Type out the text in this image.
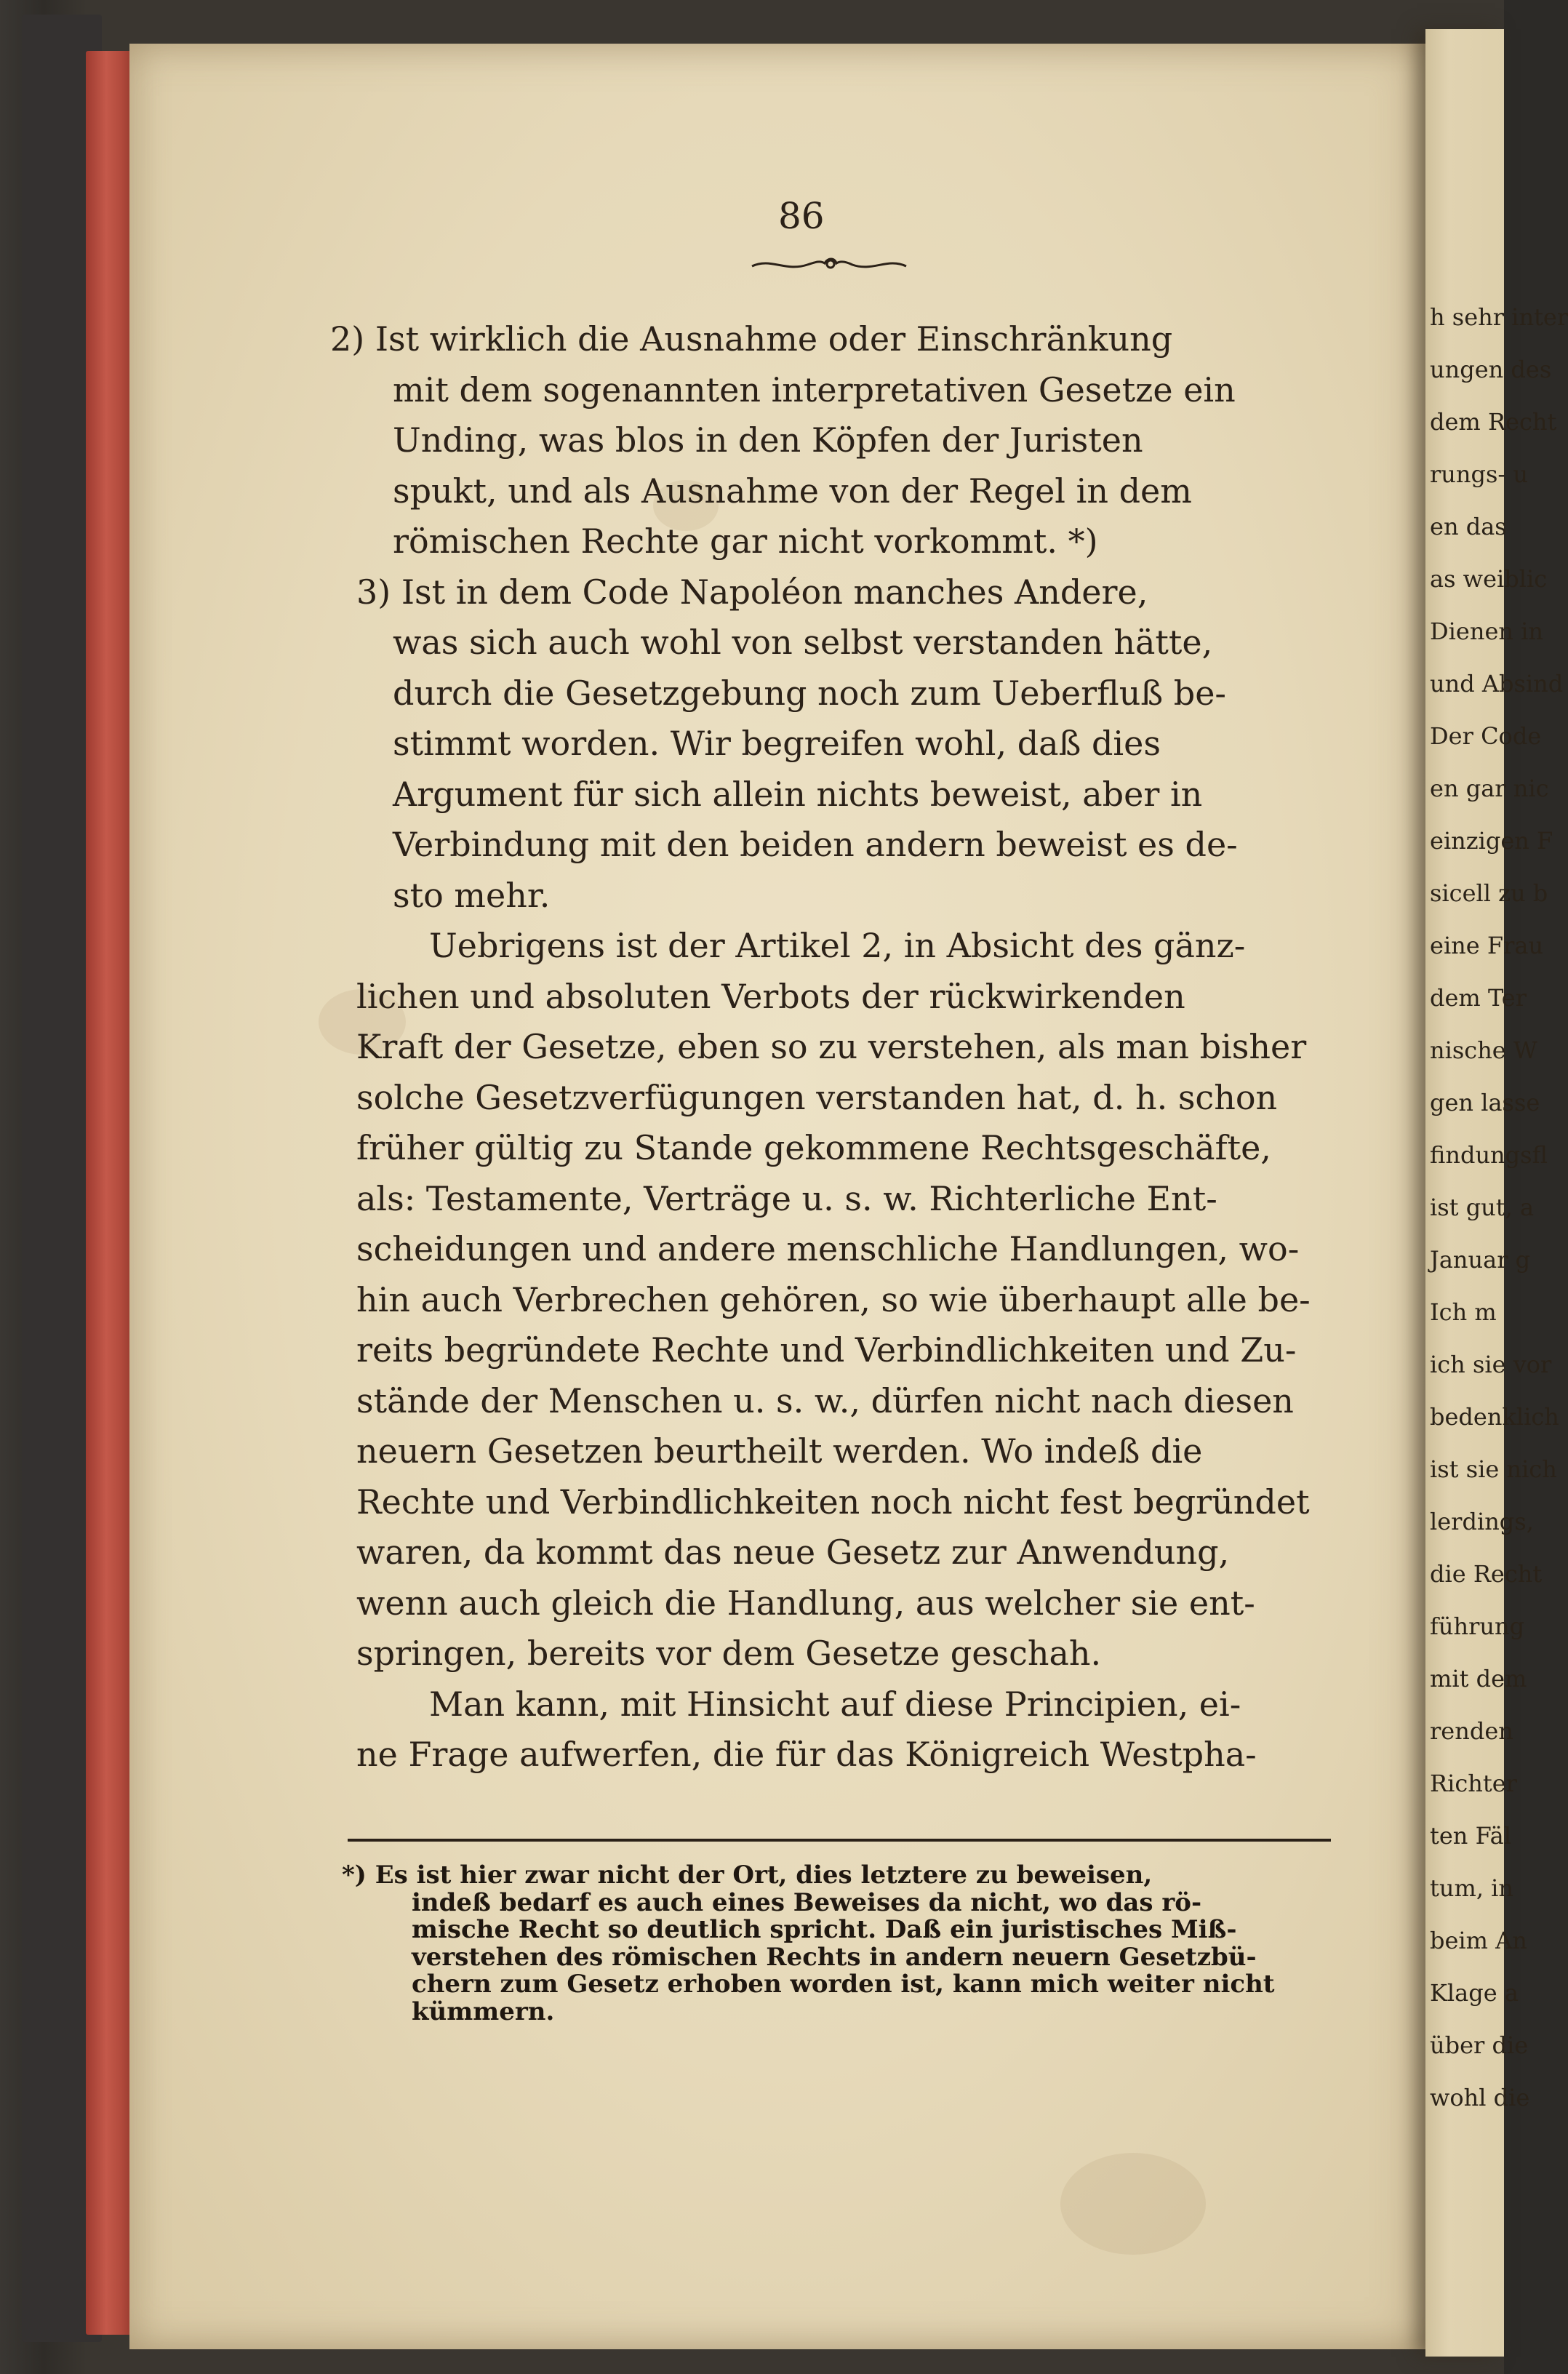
86
2) Ist wirklich die Ausnahme oder Einschränkung
mit dem sogenannten interpretativen Gesetze ein
Unding, was blos in den Köpfen der Juristen
spukt, und als Ausnahme von der Regel in dem
römischen Rechte gar nicht vorkommt. *)
3) Ist in dem Code Napoléon manches Andere,
was sich auch wohl von selbst verstanden hätte,
durch die Gesetzgebung noch zum Ueberfluß be-
stimmt worden. Wir begreifen wohl, daß dies
Argument für sich allein nichts beweist, aber in
Verbindung mit den beiden andern beweist es de-
sto mehr.
Uebrigens ist der Artikel 2, in Absicht des gänz-
lichen und absoluten Verbots der rückwirkenden
Kraft der Gesetze, eben so zu verstehen, als man bisher
solche Gesetzverfügungen verstanden hat, d. h. schon
früher gültig zu Stande gekommene Rechtsgeschäfte,
als: Testamente, Verträge u. s. w. Richterliche Ent-
scheidungen und andere menschliche Handlungen, wo-
hin auch Verbrechen gehören, so wie überhaupt alle be-
reits begründete Rechte und Verbindlichkeiten und Zu-
stände der Menschen u. s. w., dürfen nicht nach diesen
neuern Gesetzen beurtheilt werden. Wo indeß die
Rechte und Verbindlichkeiten noch nicht fest begründet
waren, da kommt das neue Gesetz zur Anwendung,
wenn auch gleich die Handlung, aus welcher sie ent-
springen, bereits vor dem Gesetze geschah.
Man kann, mit Hinsicht auf diese Principien, ei-
ne Frage aufwerfen, die für das Königreich Westpha-
*) Es ist hier zwar nicht der Ort, dies letztere zu beweisen,
indeß bedarf es auch eines Beweises da nicht, wo das rö-
mische Recht so deutlich spricht. Daß ein juristisches Miß-
verstehen des römischen Rechts in andern neuern Gesetzbü-
chern zum Gesetz erhoben worden ist, kann mich weiter nicht
kümmern.
h sehr inter
ungen des
dem Recht
rungs- u
en das
as weiblic
Dienen in
und Absind
Der Code
en gar nic
einzigen F
sicell zu b
eine Frau
dem Ter
nische W
gen lasse
findungsfl
ist gut, a
Januar g
Ich m
ich sie vor
bedenklich
ist sie nich
lerdings,
die Recht
führung
mit dem
renden
Richter
ten Fäl
tum, in
beim An
Klage a
über die
wohl die
